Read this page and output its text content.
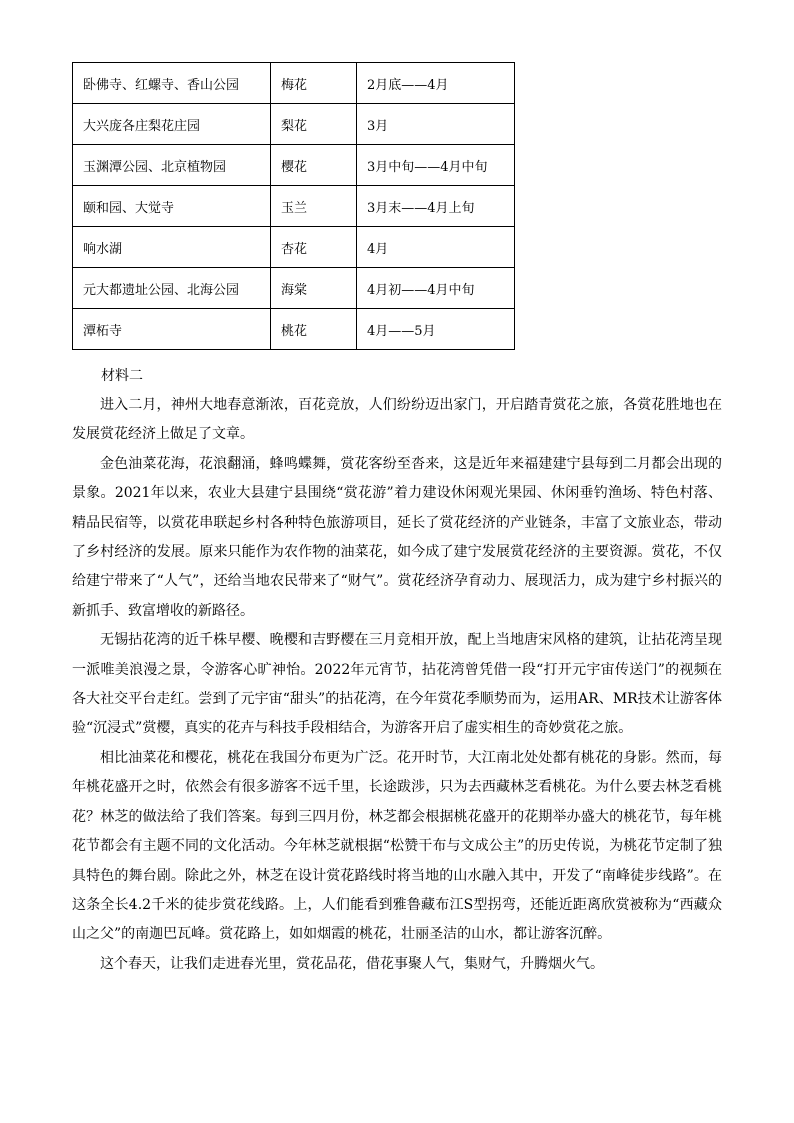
卧佛寺、红螺寺、香山公园	梅花	2月底——4月
大兴庞各庄梨花庄园	梨花	3月
玉渊潭公园、北京植物园	樱花	3月中旬——4月中旬
颐和园、大觉寺	玉兰	3月末——4月上旬
响水湖	杏花	4月
元大都遗址公园、北海公园	海棠	4月初——4月中旬
潭柘寺	桃花	4月——5月
材料二

进入二月，神州大地春意渐浓，百花竞放，人们纷纷迈出家门，开启踏青赏花之旅，各赏花胜地也在发展赏花经济上做足了文章。

金色油菜花海，花浪翻涌，蜂鸣蝶舞，赏花客纷至沓来，这是近年来福建建宁县每到二月都会出现的景象。2021年以来，农业大县建宁县围绕“赏花游”着力建设休闲观光果园、休闲垂钓渔场、特色村落、精品民宿等，以赏花串联起乡村各种特色旅游项目，延长了赏花经济的产业链条，丰富了文旅业态，带动了乡村经济的发展。原来只能作为农作物的油菜花，如今成了建宁发展赏花经济的主要资源。赏花，不仅给建宁带来了“人气”，还给当地农民带来了“财气”。赏花经济孕育动力、展现活力，成为建宁乡村振兴的新抓手、致富增收的新路径。

无锡拈花湾的近千株早樱、晚樱和吉野樱在三月竞相开放，配上当地唐宋风格的建筑，让拈花湾呈现一派唯美浪漫之景，令游客心旷神怡。2022年元宵节，拈花湾曾凭借一段“打开元宇宙传送门”的视频在各大社交平台走红。尝到了元宇宙“甜头”的拈花湾，在今年赏花季顺势而为，运用AR、MR技术让游客体验“沉浸式”赏樱，真实的花卉与科技手段相结合，为游客开启了虚实相生的奇妙赏花之旅。

相比油菜花和樱花，桃花在我国分布更为广泛。花开时节，大江南北处处都有桃花的身影。然而，每年桃花盛开之时，依然会有很多游客不远千里，长途跋涉，只为去西藏林芝看桃花。为什么要去林芝看桃花？林芝的做法给了我们答案。每到三四月份，林芝都会根据桃花盛开的花期举办盛大的桃花节，每年桃花节都会有主题不同的文化活动。今年林芝就根据“松赞干布与文成公主”的历史传说，为桃花节定制了独具特色的舞台剧。除此之外，林芝在设计赏花路线时将当地的山水融入其中，开发了“南峰徒步线路”。在这条全长4.2千米的徒步赏花线路。上，人们能看到雅鲁藏布江S型拐弯，还能近距离欣赏被称为“西藏众山之父”的南迦巴瓦峰。赏花路上，如如烟霞的桃花，壮丽圣洁的山水，都让游客沉醉。

这个春天，让我们走进春光里，赏花品花，借花事聚人气，集财气，升腾烟火气。
